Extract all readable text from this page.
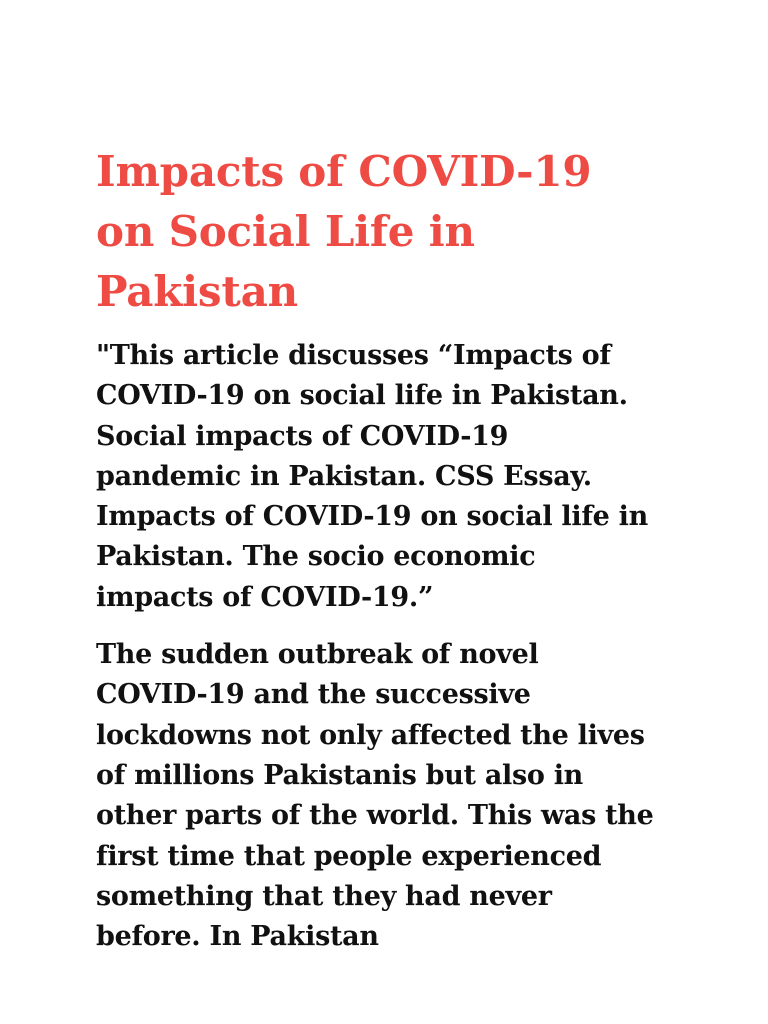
Impacts of COVID-19 on Social Life in Pakistan

"This article discusses “Impacts of COVID-19 on social life in Pakistan. Social impacts of COVID-19 pandemic in Pakistan. CSS Essay. Impacts of COVID-19 on social life in Pakistan. The socio economic impacts of COVID-19.”

The sudden outbreak of novel COVID-19 and the successive lockdowns not only affected the lives of millions Pakistanis but also in other parts of the world. This was the first time that people experienced something that they had never before. In Pakistan
